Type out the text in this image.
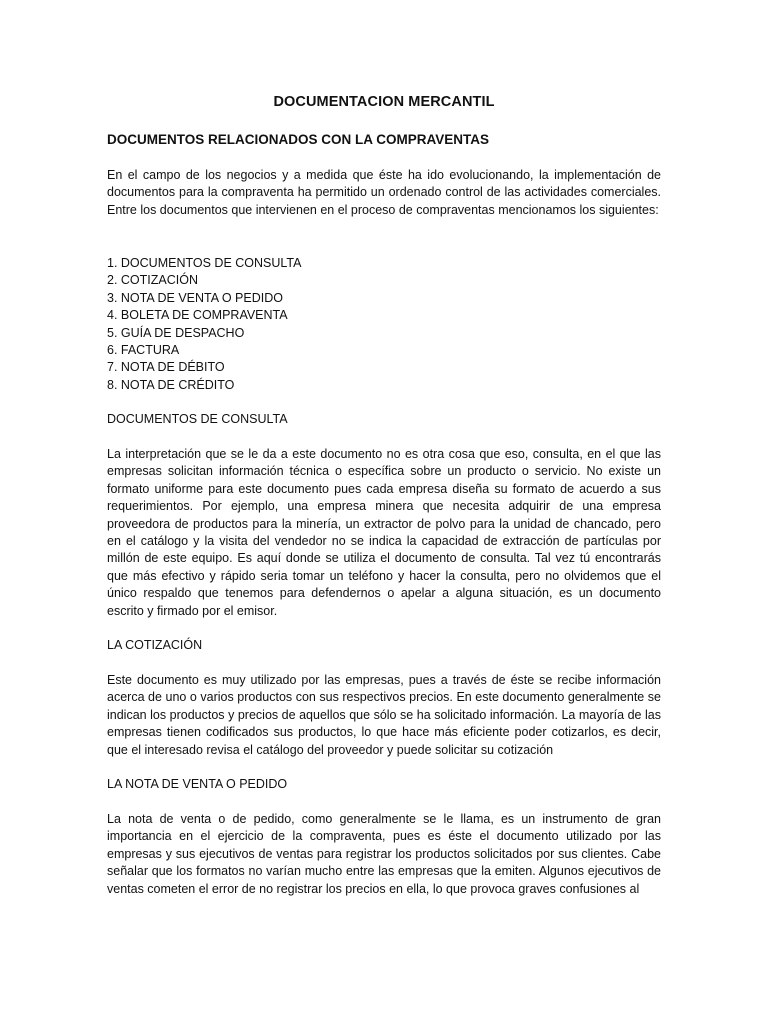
DOCUMENTACION MERCANTIL
DOCUMENTOS RELACIONADOS CON LA COMPRAVENTAS

En el campo de los negocios y a medida que éste ha ido evolucionando, la implementación de documentos para la compraventa ha permitido un ordenado control de las actividades comerciales. Entre los documentos que intervienen en el proceso de compraventas mencionamos los siguientes:

1. DOCUMENTOS DE CONSULTA
2. COTIZACIÓN
3. NOTA DE VENTA O PEDIDO
4. BOLETA DE COMPRAVENTA
5. GUÍA DE DESPACHO
6. FACTURA
7. NOTA DE DÉBITO
8. NOTA DE CRÉDITO
DOCUMENTOS DE CONSULTA

La interpretación que se le da a este documento no es otra cosa que eso, consulta, en el que las empresas solicitan información técnica o específica sobre un producto o servicio. No existe un formato uniforme para este documento pues cada empresa diseña su formato de acuerdo a sus requerimientos. Por ejemplo, una empresa minera que necesita adquirir de una empresa proveedora de productos para la minería, un extractor de polvo para la unidad de chancado, pero en el catálogo y la visita del vendedor no se indica la capacidad de extracción de partículas por millón de este equipo. Es aquí donde se utiliza el documento de consulta. Tal vez tú encontrarás que más efectivo y rápido seria tomar un teléfono y hacer la consulta, pero no olvidemos que el único respaldo que tenemos para defendernos o apelar a alguna situación, es un documento escrito y firmado por el emisor.

LA COTIZACIÓN

Este documento es muy utilizado por las empresas, pues a través de éste se recibe información acerca de uno o varios productos con sus respectivos precios. En este documento generalmente se indican los productos y precios de aquellos que sólo se ha solicitado información. La mayoría de las empresas tienen codificados sus productos, lo que hace más eficiente poder cotizarlos, es decir, que el interesado revisa el catálogo del proveedor y puede solicitar su cotización

LA NOTA DE VENTA O PEDIDO

La nota de venta o de pedido, como generalmente se le llama, es un instrumento de gran importancia en el ejercicio de la compraventa, pues es éste el documento utilizado por las empresas y sus ejecutivos de ventas para registrar los productos solicitados por sus clientes. Cabe señalar que los formatos no varían mucho entre las empresas que la emiten. Algunos ejecutivos de ventas cometen el error de no registrar los precios en ella, lo que provoca graves confusiones al
